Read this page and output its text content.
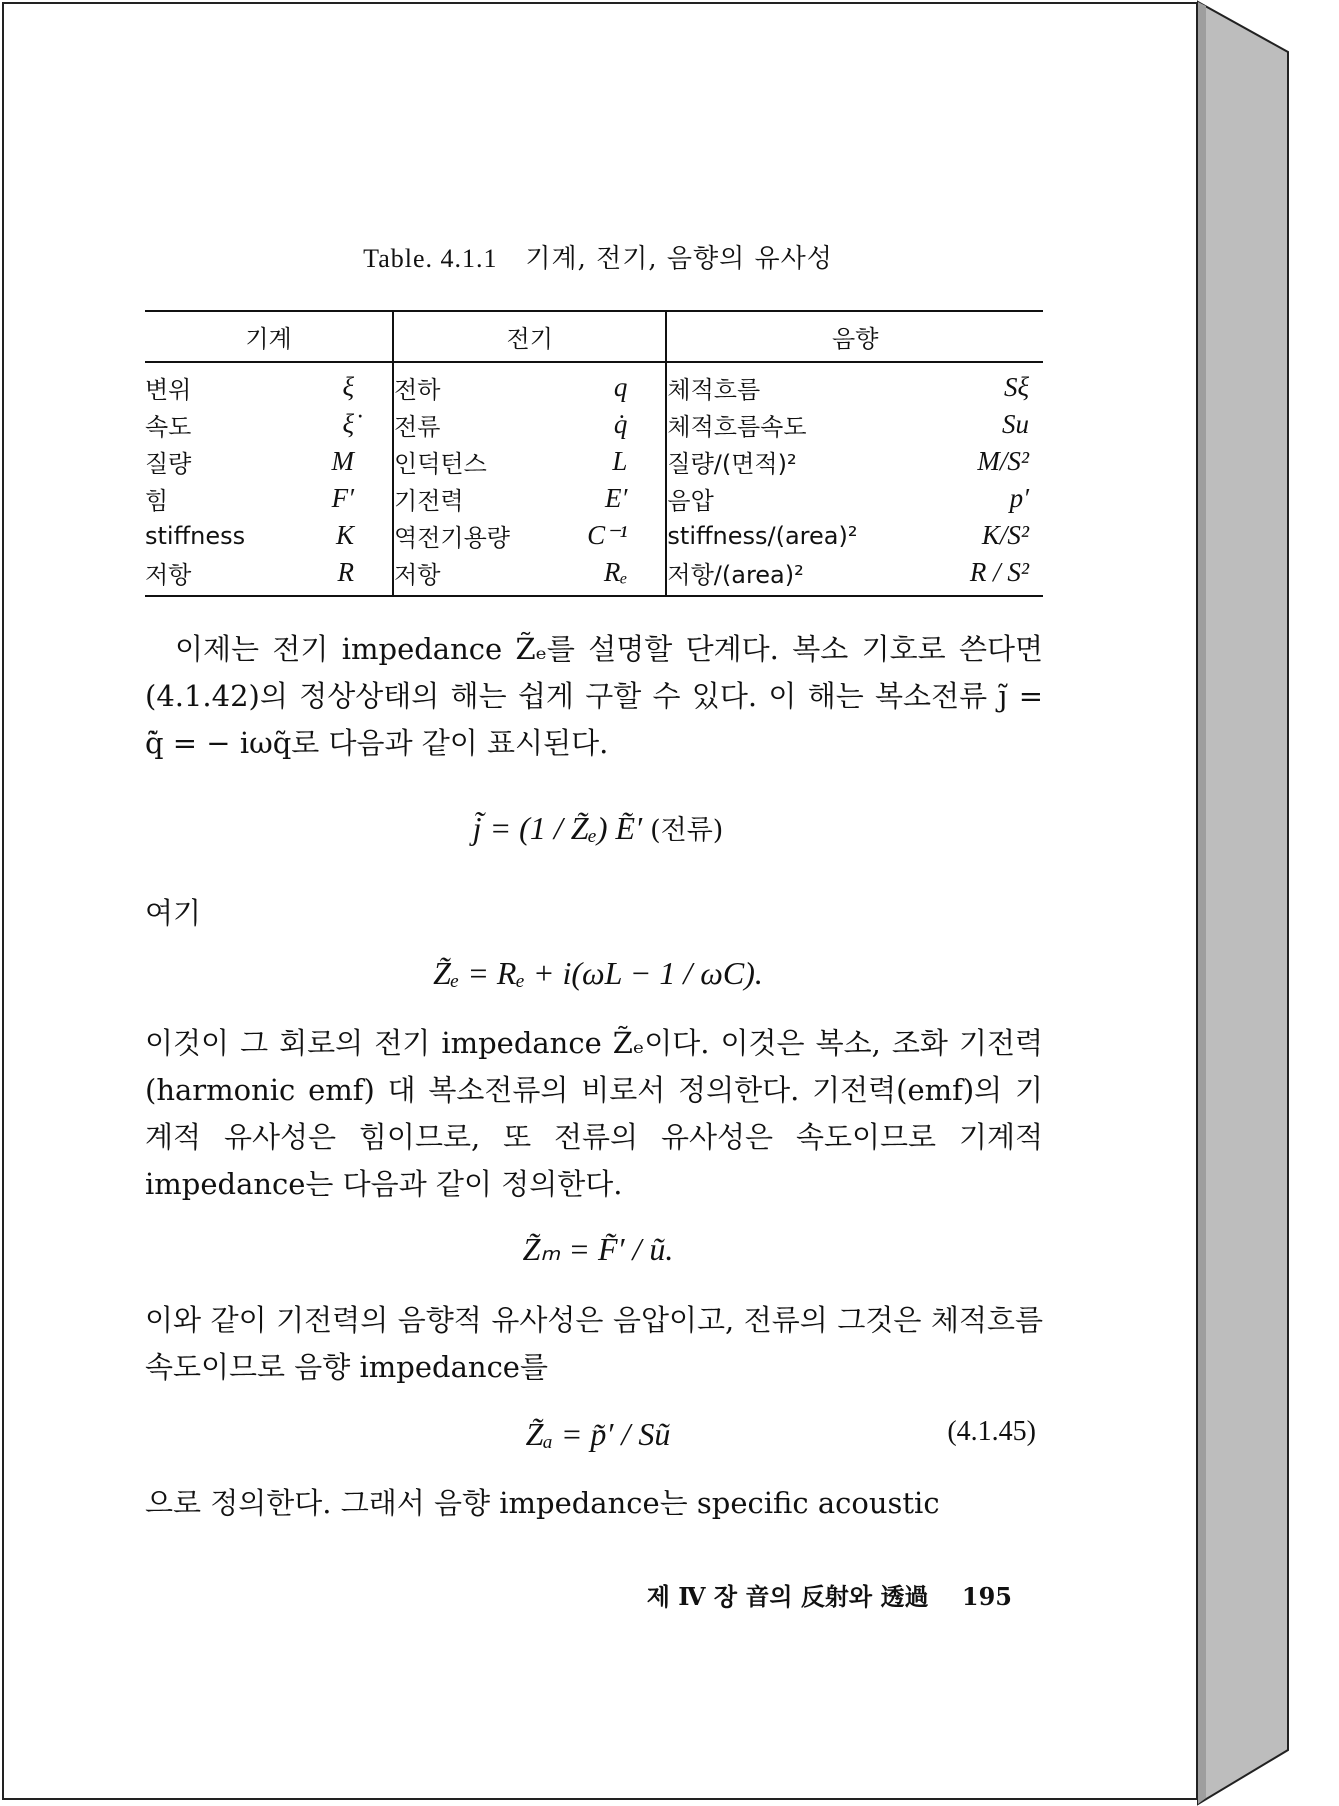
Table. 4.1.1 기계, 전기, 음향의 유사성
기계		전기		음향	
변위	ξ	전하	q	체적흐름	Sξ
속도	ξ̇	전류	q̇	체적흐름속도	Su
질량	M	인덕턴스	L	질량/(면적)²	M/S²
힘	F′	기전력	E′	음압	p′
stiffness	K	역전기용량	C⁻¹	stiffness/(area)²	K/S²
저항	R	저항	Rₑ	저항/(area)²	R / S²
이제는 전기 impedance Z̃ₑ를 설명할 단계다. 복소 기호로 쓴다면 (4.1.42)의 정상상태의 해는 쉽게 구할 수 있다. 이 해는 복소전류 j̃ = q̃̇ = − iωq̃로 다음과 같이 표시된다.
j̃ = (1 / Z̃ₑ) Ẽ′ (전류)
여기
Z̃ₑ = Rₑ + i(ωL − 1 / ωC).
이것이 그 회로의 전기 impedance Z̃ₑ이다. 이것은 복소, 조화 기전력(harmonic emf) 대 복소전류의 비로서 정의한다. 기전력(emf)의 기계적 유사성은 힘이므로, 또 전류의 유사성은 속도이므로 기계적 impedance는 다음과 같이 정의한다.
Z̃ₘ = F̃′ / ũ.
이와 같이 기전력의 음향적 유사성은 음압이고, 전류의 그것은 체적흐름 속도이므로 음향 impedance를
Z̃ₐ = p̃′ / Sũ	(4.1.45)
으로 정의한다. 그래서 음향 impedance는 specific acoustic
제 Ⅳ 장 音의 反射와 透過 195
